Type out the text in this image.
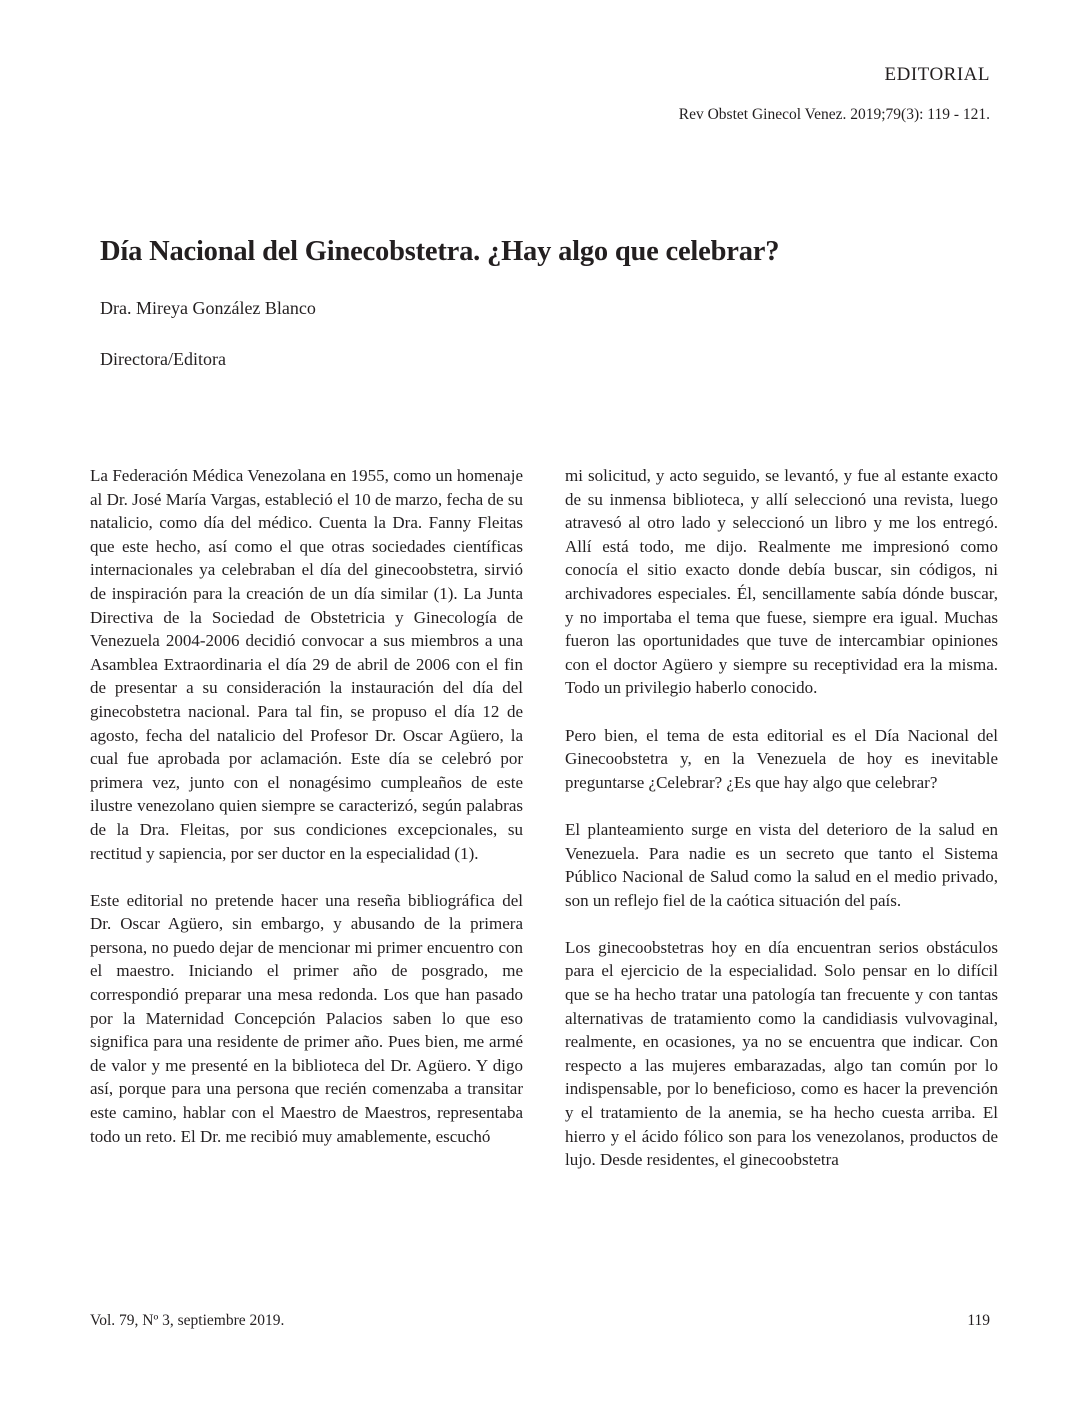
EDITORIAL
Rev Obstet Ginecol Venez. 2019;79(3): 119 - 121.
Día Nacional del Ginecobstetra. ¿Hay algo que celebrar?
Dra. Mireya González Blanco
Directora/Editora

La Federación Médica Venezolana en 1955, como un homenaje al Dr. José María Vargas, estableció el 10 de marzo, fecha de su natalicio, como día del médico. Cuenta la Dra. Fanny Fleitas que este hecho, así como el que otras sociedades científicas internacionales ya celebraban el día del ginecoobstetra, sirvió de inspiración para la creación de un día similar (1). La Junta Directiva de la Sociedad de Obstetricia y Ginecología de Venezuela 2004-2006 decidió convocar a sus miembros a una Asamblea Extraordinaria el día 29 de abril de 2006 con el fin de presentar a su consideración la instauración del día del ginecobstetra nacional. Para tal fin, se propuso el día 12 de agosto, fecha del natalicio del Profesor Dr. Oscar Agüero, la cual fue aprobada por aclamación. Este día se celebró por primera vez, junto con el nonagésimo cumpleaños de este ilustre venezolano quien siempre se caracterizó, según palabras de la Dra. Fleitas, por sus condiciones excepcionales, su rectitud y sapiencia, por ser ductor en la especialidad (1).

Este editorial no pretende hacer una reseña bibliográfica del Dr. Oscar Agüero, sin embargo, y abusando de la primera persona, no puedo dejar de mencionar mi primer encuentro con el maestro. Iniciando el primer año de posgrado, me correspondió preparar una mesa redonda. Los que han pasado por la Maternidad Concepción Palacios saben lo que eso significa para una residente de primer año. Pues bien, me armé de valor y me presenté en la biblioteca del Dr. Agüero. Y digo así, porque para una persona que recién comenzaba a transitar este camino, hablar con el Maestro de Maestros, representaba todo un reto. El Dr. me recibió muy amablemente, escuchó

mi solicitud, y acto seguido, se levantó, y fue al estante exacto de su inmensa biblioteca, y allí seleccionó una revista, luego atravesó al otro lado y seleccionó un libro y me los entregó. Allí está todo, me dijo. Realmente me impresionó como conocía el sitio exacto donde debía buscar, sin códigos, ni archivadores especiales. Él, sencillamente sabía dónde buscar, y no importaba el tema que fuese, siempre era igual. Muchas fueron las oportunidades que tuve de intercambiar opiniones con el doctor Agüero y siempre su receptividad era la misma. Todo un privilegio haberlo conocido.

Pero bien, el tema de esta editorial es el Día Nacional del Ginecoobstetra y, en la Venezuela de hoy es inevitable preguntarse ¿Celebrar? ¿Es que hay algo que celebrar?

El planteamiento surge en vista del deterioro de la salud en Venezuela. Para nadie es un secreto que tanto el Sistema Público Nacional de Salud como la salud en el medio privado, son un reflejo fiel de la caótica situación del país.

Los ginecoobstetras hoy en día encuentran serios obstáculos para el ejercicio de la especialidad. Solo pensar en lo difícil que se ha hecho tratar una patología tan frecuente y con tantas alternativas de tratamiento como la candidiasis vulvovaginal, realmente, en ocasiones, ya no se encuentra que indicar. Con respecto a las mujeres embarazadas, algo tan común por lo indispensable, por lo beneficioso, como es hacer la prevención y el tratamiento de la anemia, se ha hecho cuesta arriba. El hierro y el ácido fólico son para los venezolanos, productos de lujo. Desde residentes, el ginecoobstetra

Vol. 79, Nº 3, septiembre 2019.	119
